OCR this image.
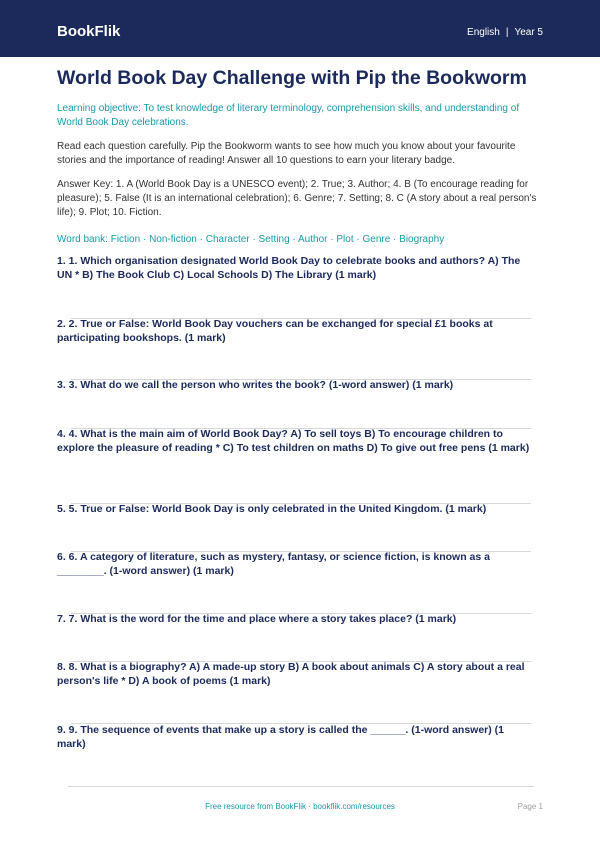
BookFlik	English | Year 5
World Book Day Challenge with Pip the Bookworm
Learning objective: To test knowledge of literary terminology, comprehension skills, and understanding of World Book Day celebrations.
Read each question carefully. Pip the Bookworm wants to see how much you know about your favourite stories and the importance of reading! Answer all 10 questions to earn your literary badge.
Answer Key: 1. A (World Book Day is a UNESCO event); 2. True; 3. Author; 4. B (To encourage reading for pleasure); 5. False (It is an international celebration); 6. Genre; 7. Setting; 8. C (A story about a real person's life); 9. Plot; 10. Fiction.
Word bank: Fiction · Non-fiction · Character · Setting · Author · Plot · Genre · Biography
1. 1. Which organisation designated World Book Day to celebrate books and authors? A) The UN * B) The Book Club C) Local Schools D) The Library (1 mark)
2. 2. True or False: World Book Day vouchers can be exchanged for special £1 books at participating bookshops. (1 mark)
3. 3. What do we call the person who writes the book? (1-word answer) (1 mark)
4. 4. What is the main aim of World Book Day? A) To sell toys B) To encourage children to explore the pleasure of reading * C) To test children on maths D) To give out free pens (1 mark)
5. 5. True or False: World Book Day is only celebrated in the United Kingdom. (1 mark)
6. 6. A category of literature, such as mystery, fantasy, or science fiction, is known as a ________. (1-word answer) (1 mark)
7. 7. What is the word for the time and place where a story takes place? (1 mark)
8. 8. What is a biography? A) A made-up story B) A book about animals C) A story about a real person's life * D) A book of poems (1 mark)
9. 9. The sequence of events that make up a story is called the ______. (1-word answer) (1 mark)
Free resource from BookFlik · bookflik.com/resources	Page 1
